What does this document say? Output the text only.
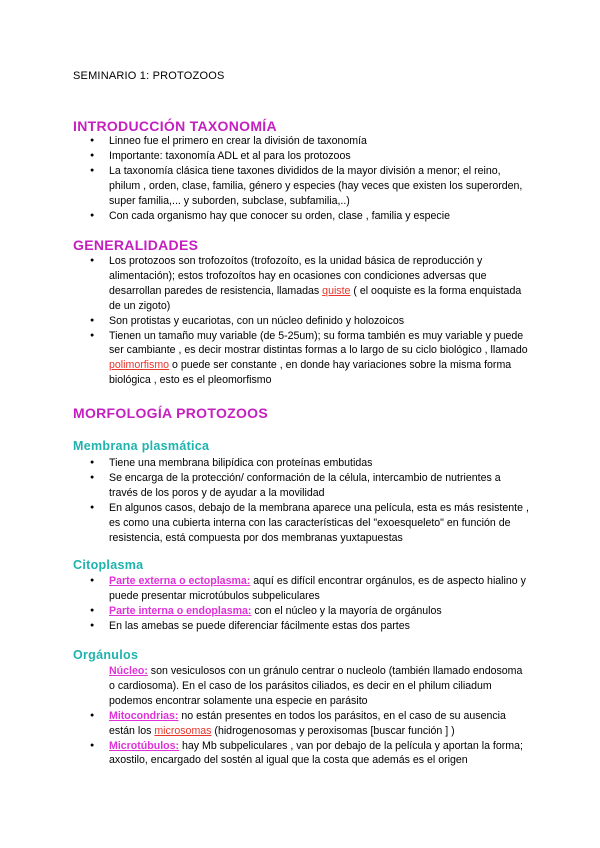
SEMINARIO 1: PROTOZOOS
INTRODUCCIÓN TAXONOMÍA
● Linneo fue el primero en crear la división de taxonomía
● Importante: taxonomía ADL et al para los protozoos
● La taxonomía clásica tiene taxones divididos de la mayor división a menor; el reino, philum , orden, clase, familia, género y especies (hay veces que existen los superorden, super familia,... y suborden, subclase, subfamilia,..)
● Con cada organismo hay que conocer su orden, clase , familia y especie
GENERALIDADES
● Los protozoos son trofozoítos (trofozoíto, es la unidad básica de reproducción y alimentación); estos trofozoítos hay en ocasiones con condiciones adversas que desarrollan paredes de resistencia, llamadas quiste ( el ooquiste es la forma enquistada de un zigoto)
● Son protistas y eucariotas, con un núcleo definido y holozoicos
● Tienen un tamaño muy variable (de 5-25um); su forma también es muy variable y puede ser cambiante , es decir mostrar distintas formas a lo largo de su ciclo biológico , llamado polimorfismo o puede ser constante , en donde hay variaciones sobre la misma forma biológica , esto es el pleomorfismo
MORFOLOGÍA PROTOZOOS
Membrana plasmática
● Tiene una membrana bilipídica con proteínas embutidas
● Se encarga de la protección/ conformación de la célula, intercambio de nutrientes a través de los poros y de ayudar a la movilidad
● En algunos casos, debajo de la membrana aparece una película, esta es más resistente , es como una cubierta interna con las características del "exoesqueleto" en función de resistencia, está compuesta por dos membranas yuxtapuestas
Citoplasma
● Parte externa o ectoplasma: aquí es difícil encontrar orgánulos, es de aspecto hialino y puede presentar microtúbulos subpeliculares
● Parte interna o endoplasma: con el núcleo y la mayoría de orgánulos
● En las amebas se puede diferenciar fácilmente estas dos partes
Orgánulos
Núcleo: son vesiculosos con un gránulo centrar o nucleolo (también llamado endosoma o cardiosoma). En el caso de los parásitos ciliados, es decir en el philum ciliadum podemos encontrar solamente una especie en parásito
● Mitocondrias: no están presentes en todos los parásitos, en el caso de su ausencia están los microsomas (hidrogenosomas y peroxisomas [buscar función ] )
● Microtúbulos: hay Mb subpeliculares , van por debajo de la película y aportan la forma; axostilo, encargado del sostén al igual que la costa que además es el origen
